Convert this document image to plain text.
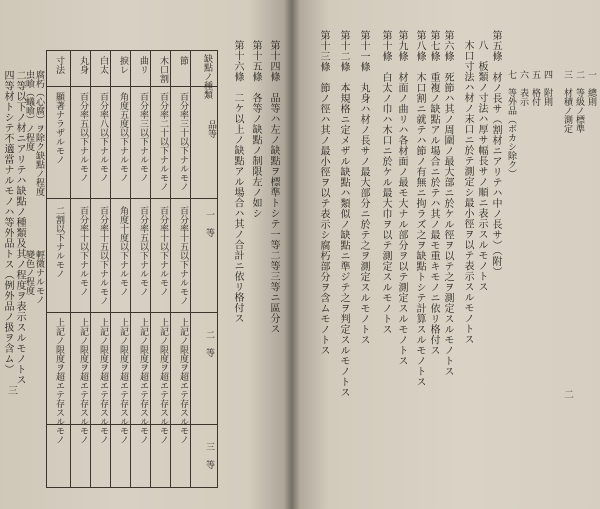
二
一　總則
二　等級ノ標準
三　材積ノ測定
四　附則
五　格付
六　表示
七　等外品（ボカシ除ク）
第五條　材ノ長サ（割材ニアリテハ中ノ長サ）（附）
八　板類ノ寸法ハ厚サ幅長サノ順ニ表示スルモノトス
木口寸法ハ材ノ末口ニ於テ測定シ最小徑ヲ以テ表示スルモノトス
第六條　死節ハ其ノ周圍ノ最大部ニ於ケル徑ヲ以テ之ヲ測定スルモノトス
第七條　重複ノ缺點アル場合ニ於テハ其ノ最モ重キモノニ依リ格付ス
第八條　木口割ニ就テハ節ノ有無ニ拘ラズ之ヲ缺點トシテ計算スルモノトス
第九條　材面ノ曲リハ各材面ノ最モ大ナル部分ヲ以テ測定スルモノトス
第十條　白太ノ巾ハ木口ニ於ケル最大巾ヲ以テ測定スルモノトス
第十一條　丸身ハ材ノ長サノ最大部分ニ於テ之ヲ測定スルモノトス
第十二條　本規格ニ定メザル缺點ハ類似ノ缺點ニ準ジテ之ヲ判定スルモノトス
第十三條　節ノ徑ハ其ノ最小徑ヲ以テ表示シ腐朽部分ヲ含ムモノトス
三
第十四條　品等ハ左ノ缺點ヲ標準トシテ一等二等三等ニ區分ス
第十五條　各等ノ缺點ノ制限左ノ如シ
第十六條　二ケ以上ノ缺點アル場合ハ其ノ合計ニ依リ格付ス
缺點ノ種類
品等
一　等
二　等
三　等
節
百分率三十以下ナルモノ
百分率十五以下ナルモノ
上記ノ限度ヲ超エテ存スルモノ
木口割
百分率二十以下ナルモノ
百分率十以下ナルモノ
上記ノ限度ヲ超エテ存スルモノ
曲リ
百分率三以下ナルモノ
百分率五以下ナルモノ
上記ノ限度ヲ超エテ存スルモノ
捩レ
角度五度以下ナルモノ
角度十度以下ナルモノ
上記ノ限度ヲ超エテ存スルモノ
白太
百分率八以下ナルモノ
百分率十五以下ナルモノ
上記ノ限度ヲ超エテ存スルモノ
丸身
百分率五以下ナルモノ
百分率十以下ナルモノ
上記ノ限度ヲ超エテ存スルモノ
寸法
顯著ナラザルモノ
二割以下ナルモノ
上記ノ限度ヲ超エテ存スルモノ
腐朽（心腐）ヲ除ク缺點ノ程度
虫喰（蟻喰）ノ程度
輕微ナルモノ
二等以下ノ材ニアリテハ缺點ノ種類及其ノ程度ヲ表示スルモノトス
四等材トシテ不適當ナルモノハ等外品トス（例外品ノ扱ヲ含ム） 變色ノ程度
